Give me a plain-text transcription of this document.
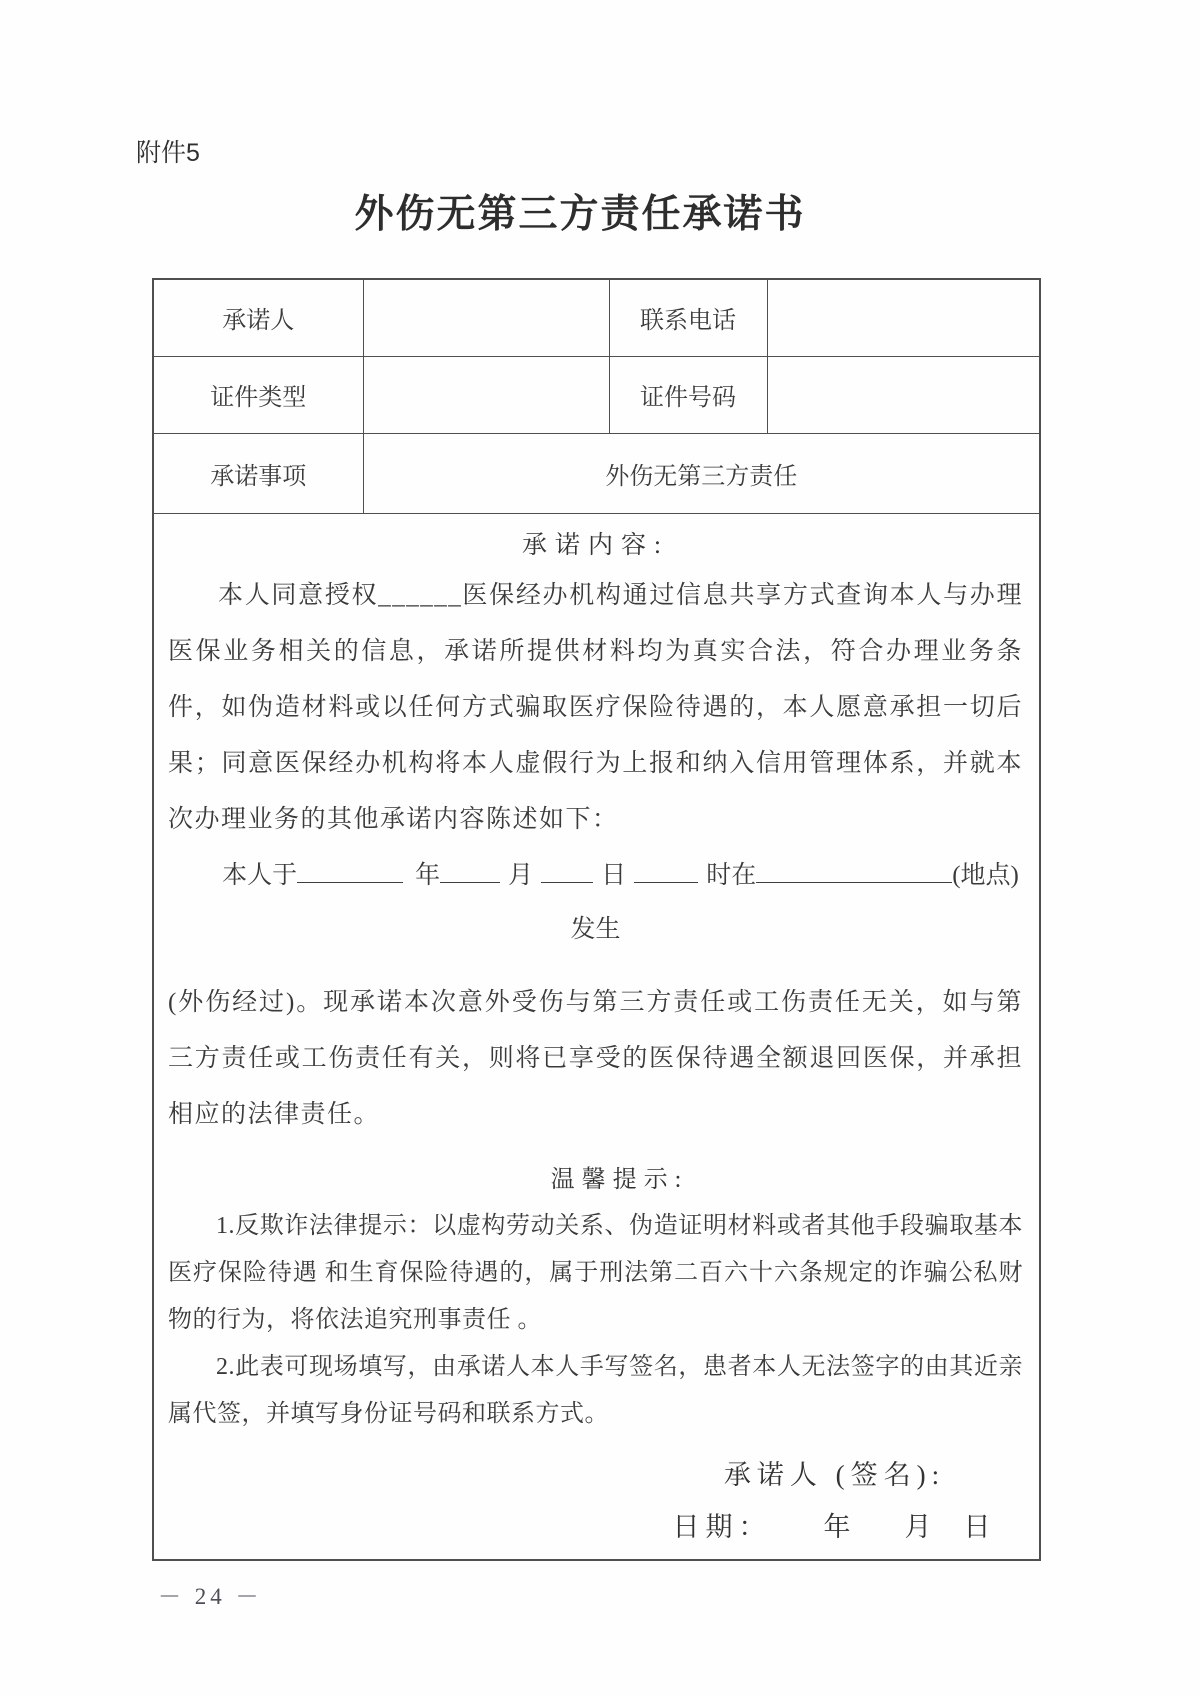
附件5
外伤无第三方责任承诺书
承诺人		联系电话	
证件类型		证件号码	
承诺事项	外伤无第三方责任		

承诺内容:
本人同意授权______医保经办机构通过信息共享方式查询本人与办理医保业务相关的信息，承诺所提供材料均为真实合法，符合办理业务条件，如伪造材料或以任何方式骗取医疗保险待遇的，本人愿意承担一切后果；同意医保经办机构将本人虚假行为上报和纳入信用管理体系，并就本次办理业务的其他承诺内容陈述如下：
本人于	年	月	日	时在	(地点)
发生
(外伤经过)。现承诺本次意外受伤与第三方责任或工伤责任无关，如与第三方责任或工伤责任有关，则将已享受的医保待遇全额退回医保，并承担相应的法律责任。
温馨提示:
1.反欺诈法律提示：以虚构劳动关系、伪造证明材料或者其他手段骗取基本医疗保险待遇 和生育保险待遇的，属于刑法第二百六十六条规定的诈骗公私财物的行为，将依法追究刑事责任 。
2.此表可现场填写，由承诺人本人手写签名，患者本人无法签字的由其近亲属代签，并填写身份证号码和联系方式。
承诺人 (签名):
日期： 年 月 日
－ 24 －
